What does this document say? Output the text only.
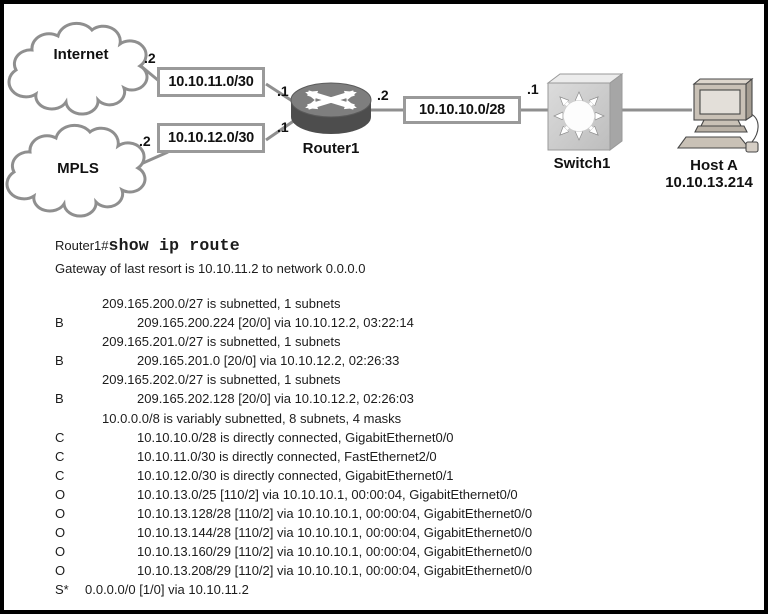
10.10.11.0/30
10.10.12.0/30
10.10.10.0/28
Internet
MPLS
Router1
Switch1	Host A
10.10.13.214
.2
.1
.2
.1
.2	.1
Router1#show ip route
Gateway of last resort is 10.10.11.2 to network 0.0.0.0
209.165.200.0/27 is subnetted, 1 subnets
B	209.165.200.224 [20/0] via 10.10.12.2, 03:22:14
209.165.201.0/27 is subnetted, 1 subnets
B	209.165.201.0 [20/0] via 10.10.12.2, 02:26:33
209.165.202.0/27 is subnetted, 1 subnets
B	209.165.202.128 [20/0] via 10.10.12.2, 02:26:03
10.0.0.0/8 is variably subnetted, 8 subnets, 4 masks
C	10.10.10.0/28 is directly connected, GigabitEthernet0/0
C	10.10.11.0/30 is directly connected, FastEthernet2/0
C	10.10.12.0/30 is directly connected, GigabitEthernet0/1
O	10.10.13.0/25 [110/2] via 10.10.10.1, 00:00:04, GigabitEthernet0/0
O	10.10.13.128/28 [110/2] via 10.10.10.1, 00:00:04, GigabitEthernet0/0
O	10.10.13.144/28 [110/2] via 10.10.10.1, 00:00:04, GigabitEthernet0/0
O	10.10.13.160/29 [110/2] via 10.10.10.1, 00:00:04, GigabitEthernet0/0
O	10.10.13.208/29 [110/2] via 10.10.10.1, 00:00:04, GigabitEthernet0/0
S* 0.0.0.0/0 [1/0] via 10.10.11.2
